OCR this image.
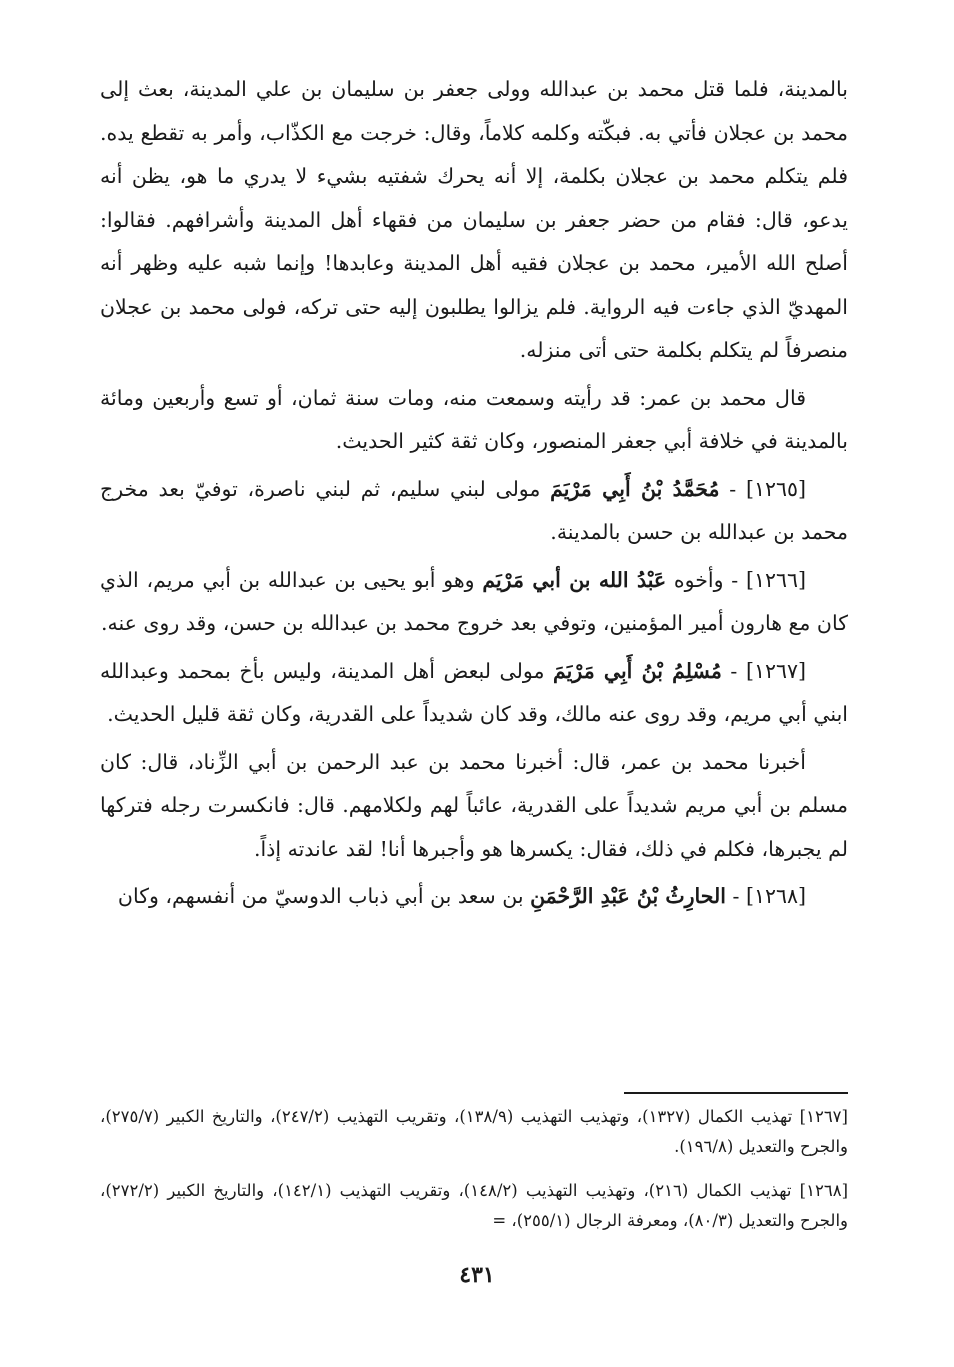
بالمدينة، فلما قتل محمد بن عبدالله وولى جعفر بن سليمان بن علي المدينة، بعث إلى محمد بن عجلان فأتي به. فبكّته وكلمه كلاماً، وقال: خرجت مع الكذّاب، وأمر به تقطع يده. فلم يتكلم محمد بن عجلان بكلمة، إلا أنه يحرك شفتيه بشيء لا يدري ما هو، يظن أنه يدعو، قال: فقام من حضر جعفر بن سليمان من فقهاء أهل المدينة وأشرافهم. فقالوا: أصلح الله الأمير، محمد بن عجلان فقيه أهل المدينة وعابدها! وإنما شبه عليه وظهر أنه المهديّ الذي جاءت فيه الرواية. فلم يزالوا يطلبون إليه حتى تركه، فولى محمد بن عجلان منصرفاً لم يتكلم بكلمة حتى أتى منزله.

قال محمد بن عمر: قد رأيته وسمعت منه، ومات سنة ثمان، أو تسع وأربعين ومائة بالمدينة في خلافة أبي جعفر المنصور، وكان ثقة كثير الحديث.

[١٢٦٥] - مُحَمَّدُ بْنُ أَبِي مَرْيَمَ مولى لبني سليم، ثم لبني ناصرة، توفيّ بعد مخرج محمد بن عبدالله بن حسن بالمدينة.

[١٢٦٦] - وأخوه عَبْدُ الله بن أبي مَرْيَم وهو أبو يحيى بن عبدالله بن أبي مريم، الذي كان مع هارون أمير المؤمنين، وتوفي بعد خروج محمد بن عبدالله بن حسن، وقد روى عنه.

[١٢٦٧] - مُسْلِمُ بْنُ أَبِي مَرْيَمَ مولى لبعض أهل المدينة، وليس بأخ بمحمد وعبدالله ابني أبي مريم، وقد روى عنه مالك، وقد كان شديداً على القدرية، وكان ثقة قليل الحديث.

أخبرنا محمد بن عمر، قال: أخبرنا محمد بن عبد الرحمن بن أبي الزِّناد، قال: كان مسلم بن أبي مريم شديداً على القدرية، عائباً لهم ولكلامهم. قال: فانكسرت رجله فتركها لم يجبرها، فكلم في ذلك، فقال: يكسرها هو وأجبرها أنا! لقد عاندته إذاً.

[١٢٦٨] - الحارِثُ بْنُ عَبْدِ الرَّحْمَنِ بن سعد بن أبي ذباب الدوسيّ من أنفسهم، وكان

[١٢٦٧] تهذيب الكمال (١٣٢٧)، وتهذيب التهذيب (١٣٨/٩)، وتقريب التهذيب (٢٤٧/٢)، والتاريخ الكبير (٢٧٥/٧)، والجرح والتعديل (١٩٦/٨).

[١٢٦٨] تهذيب الكمال (٢١٦)، وتهذيب التهذيب (١٤٨/٢)، وتقريب التهذيب (١٤٢/١)، والتاريخ الكبير (٢٧٢/٢)، والجرح والتعديل (٨٠/٣)، ومعرفة الرجال (٢٥٥/١)، =

٤٣١
